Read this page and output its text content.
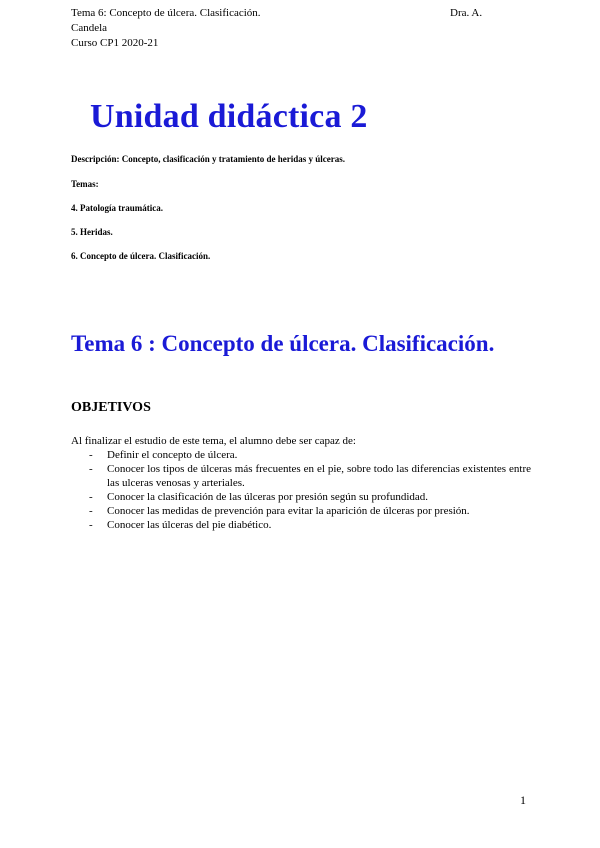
Tema 6: Concepto de úlcera. Clasificación.	Dra. A.
Candela
Curso CP1 2020-21
Unidad didáctica 2
Descripción: Concepto, clasificación y tratamiento de heridas y úlceras.
Temas:
4. Patología traumática.
5. Heridas.
6. Concepto de úlcera. Clasificación.
Tema 6 : Concepto de úlcera. Clasificación.
OBJETIVOS
Al finalizar el estudio de este tema, el alumno debe ser capaz de:
- Definir el concepto de úlcera.
- Conocer los tipos de úlceras más frecuentes en el pie, sobre todo las diferencias existentes entre las ulceras venosas y arteriales.
- Conocer la clasificación de las úlceras por presión según su profundidad.
- Conocer las medidas de prevención para evitar la aparición de úlceras por presión.
- Conocer las úlceras del pie diabético.
1
